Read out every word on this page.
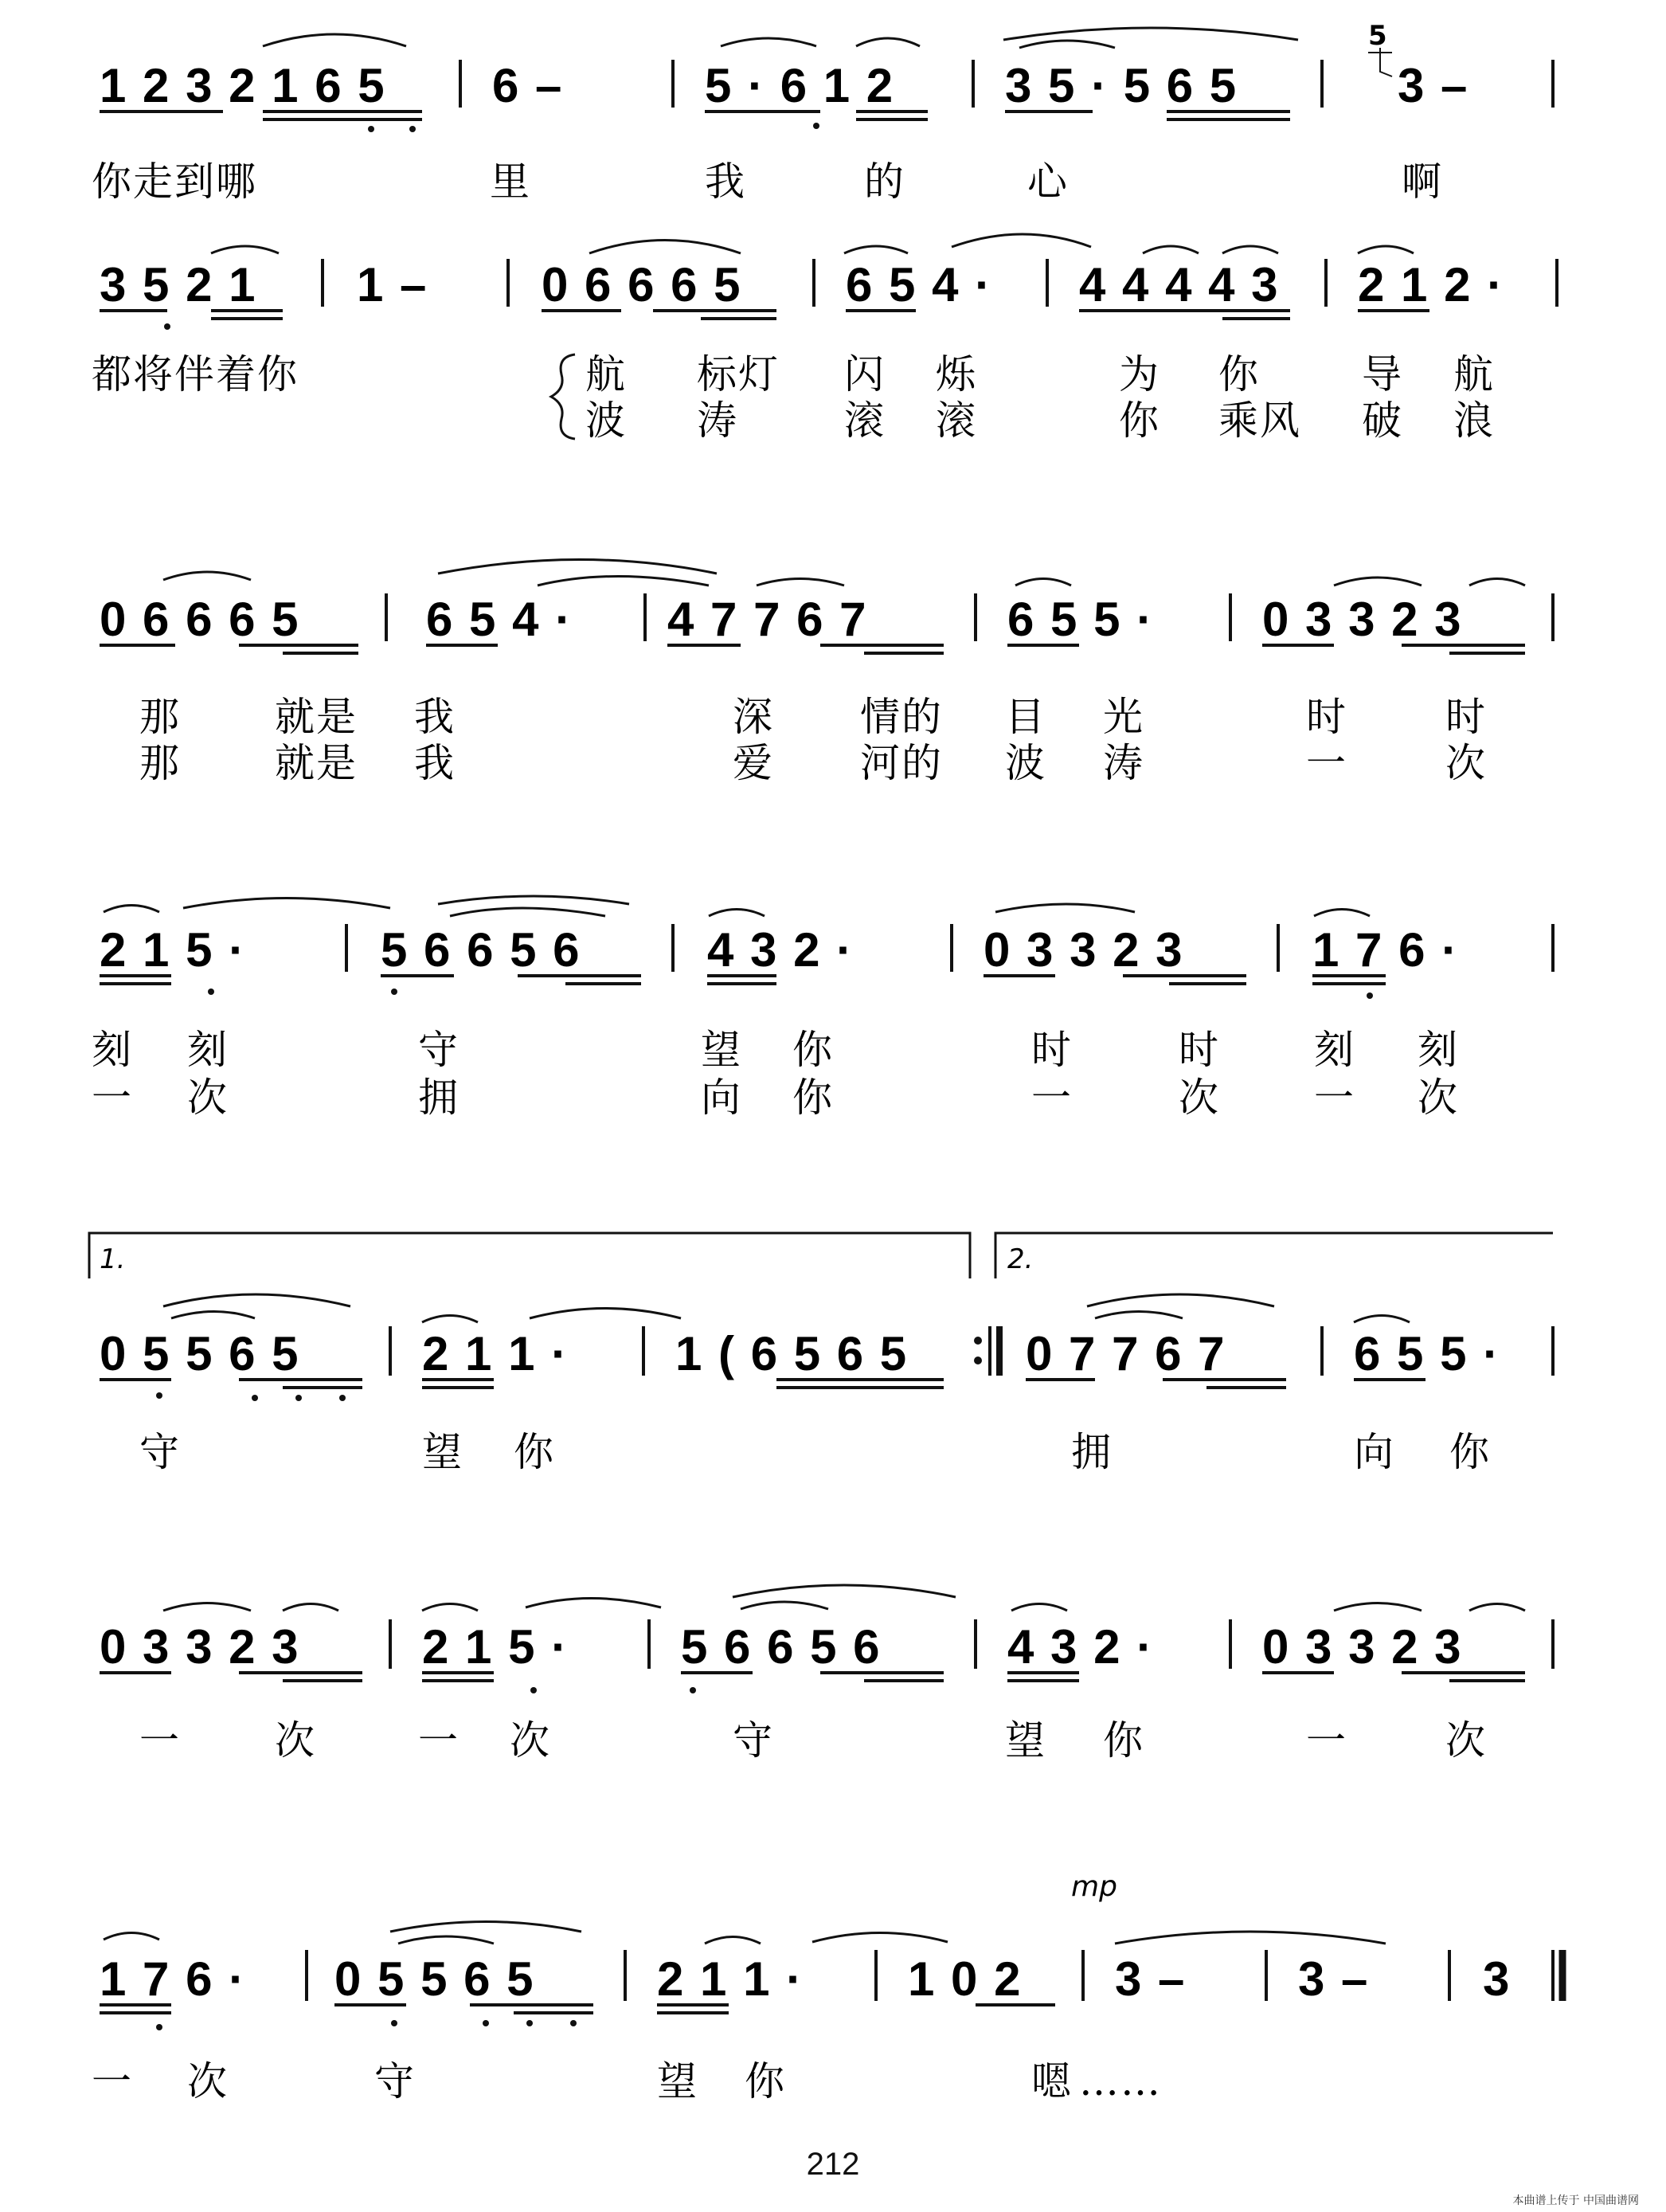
1 2 3 2 1 6 5 6 –	5 · 6 1 2 3 5 · 5 6 5	3 –
5
你走到哪	里	我	的	心	啊
3 5 2 1 1 – 0 6 6 6 5 6 5 4 · 4 4 4 4 3 2 1 2 ·
都将伴着你	航 标灯 闪 烁	为 你	导 航
波 涛	滚 滚	你 乘风 破 浪
0 6 6 6 5	6 5 4 · 4 7 7 6 7	6 5 5 · 0 3 3 2 3
那 就是 我	深 情的 目 光	时 时
那 就是 我	爱 河的 波 涛	一 次
2 1 5 ·	5 6 6 5 6	4 3 2 ·	0 3 3 2 3	1 7 6 ·
刻 刻	守	望 你	时	时 刻 刻
一 次	拥	向 你	一	次 一 次
1.	2.
0 5 5 6 5	2 1 1 · 1 ( 6 5 6 5 0 7 7 6 7	6 5 5 ·
守	望 你	拥	向 你
0 3 3 2 3	2 1 5 · 5 6 6 5 6	4 3 2 · 0 3 3 2 3
一 次	一 次	守	望 你	一 次
mp
1 7 6 · 0 5 5 6 5	2 1 1 · 1 0 2 3 – 3 – 3
一 次	守	望 你	嗯 ……
212
本曲谱上传于 中国曲谱网
